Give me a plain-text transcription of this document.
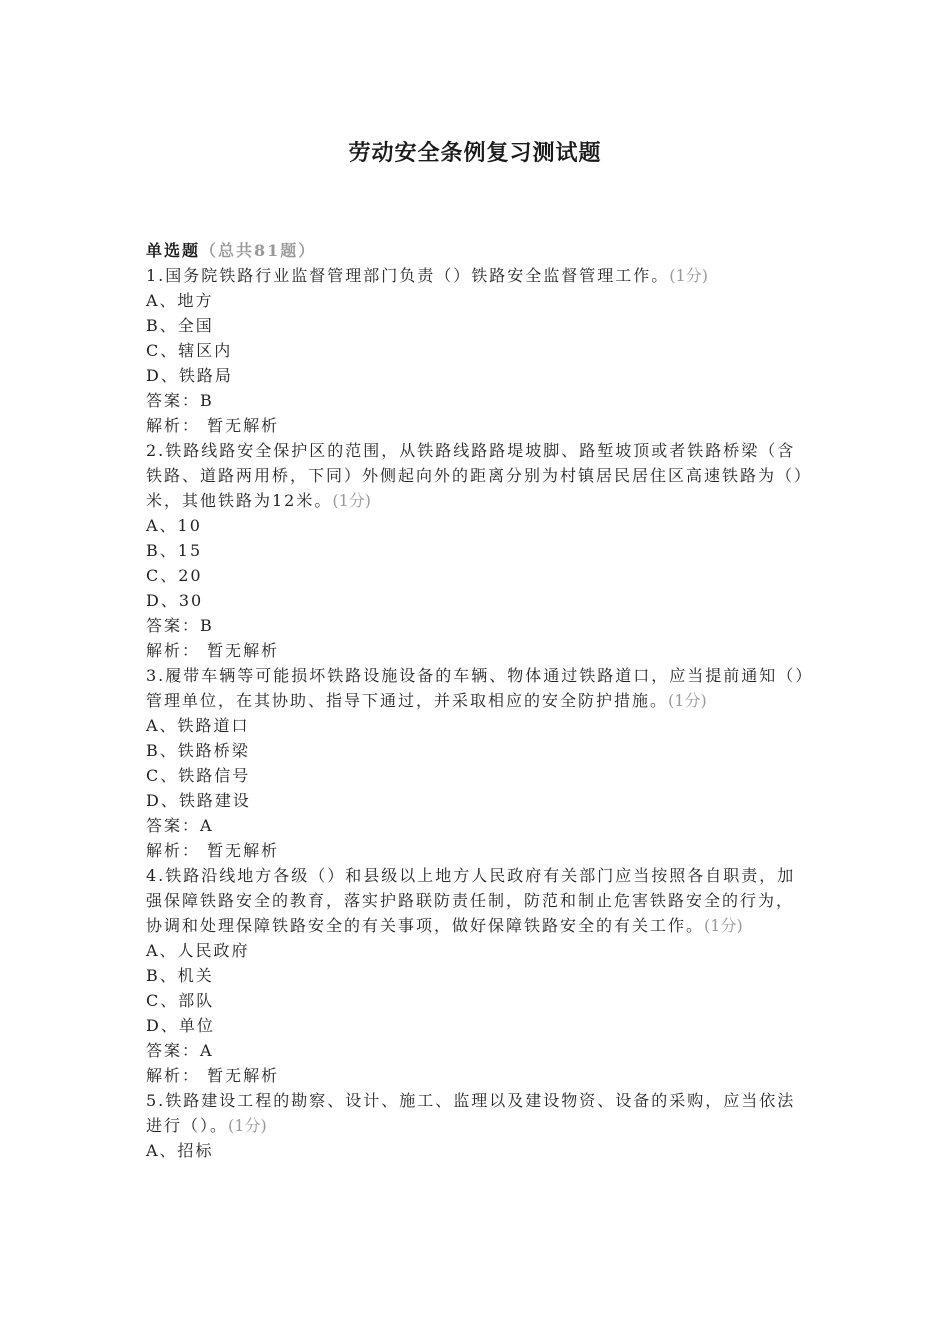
劳动安全条例复习测试题
单选题（总共81题）
1.国务院铁路行业监督管理部门负责（）铁路安全监督管理工作。(1分)
A、地方
B、全国
C、辖区内
D、铁路局
答案：B
解析： 暂无解析
2.铁路线路安全保护区的范围，从铁路线路路堤坡脚、路堑坡顶或者铁路桥梁（含铁路、道路两用桥，下同）外侧起向外的距离分别为村镇居民居住区高速铁路为（）米，其他铁路为12米。(1分)
A、10
B、15
C、20
D、30
答案：B
解析： 暂无解析
3.履带车辆等可能损坏铁路设施设备的车辆、物体通过铁路道口，应当提前通知（）管理单位，在其协助、指导下通过，并采取相应的安全防护措施。(1分)
A、铁路道口
B、铁路桥梁
C、铁路信号
D、铁路建设
答案：A
解析： 暂无解析
4.铁路沿线地方各级（）和县级以上地方人民政府有关部门应当按照各自职责，加强保障铁路安全的教育，落实护路联防责任制，防范和制止危害铁路安全的行为，协调和处理保障铁路安全的有关事项，做好保障铁路安全的有关工作。(1分)
A、人民政府
B、机关
C、部队
D、单位
答案：A
解析： 暂无解析
5.铁路建设工程的勘察、设计、施工、监理以及建设物资、设备的采购，应当依法进行（）。(1分)
A、招标
